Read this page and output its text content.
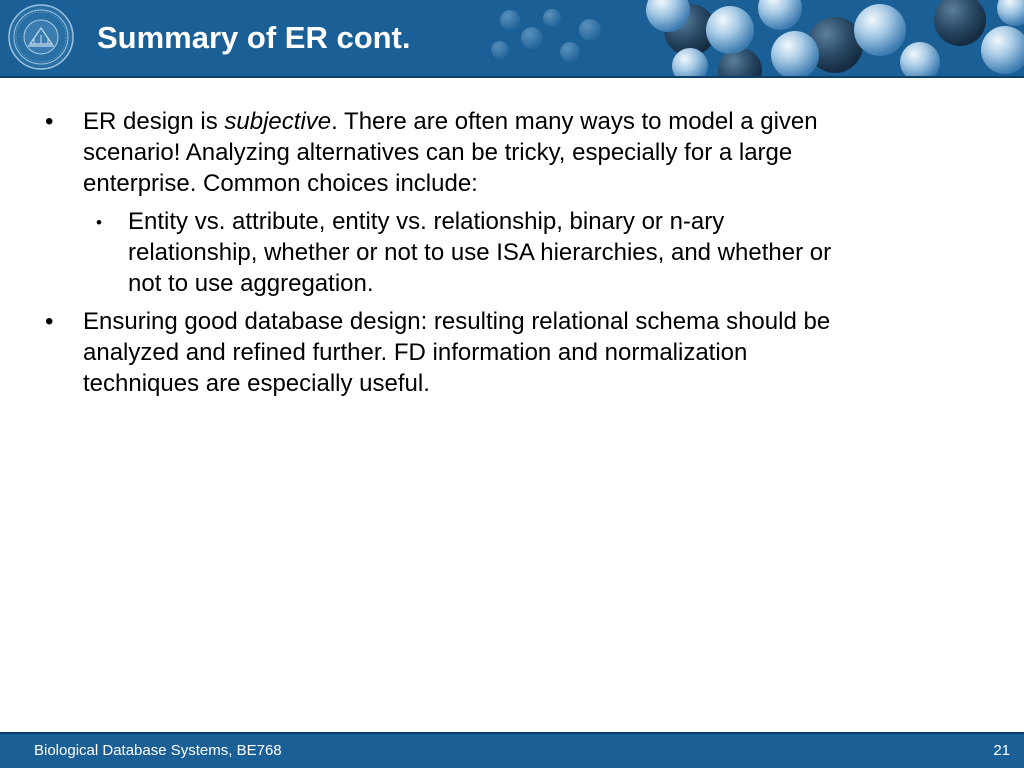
Summary of ER cont.
• ER design is subjective. There are often many ways to model a given
scenario! Analyzing alternatives can be tricky, especially for a large
enterprise. Common choices include:
• Entity vs. attribute, entity vs. relationship, binary or n-ary
relationship, whether or not to use ISA hierarchies, and whether or
not to use aggregation.
• Ensuring good database design: resulting relational schema should be
analyzed and refined further. FD information and normalization
techniques are especially useful.
Biological Database Systems, BE768	21
